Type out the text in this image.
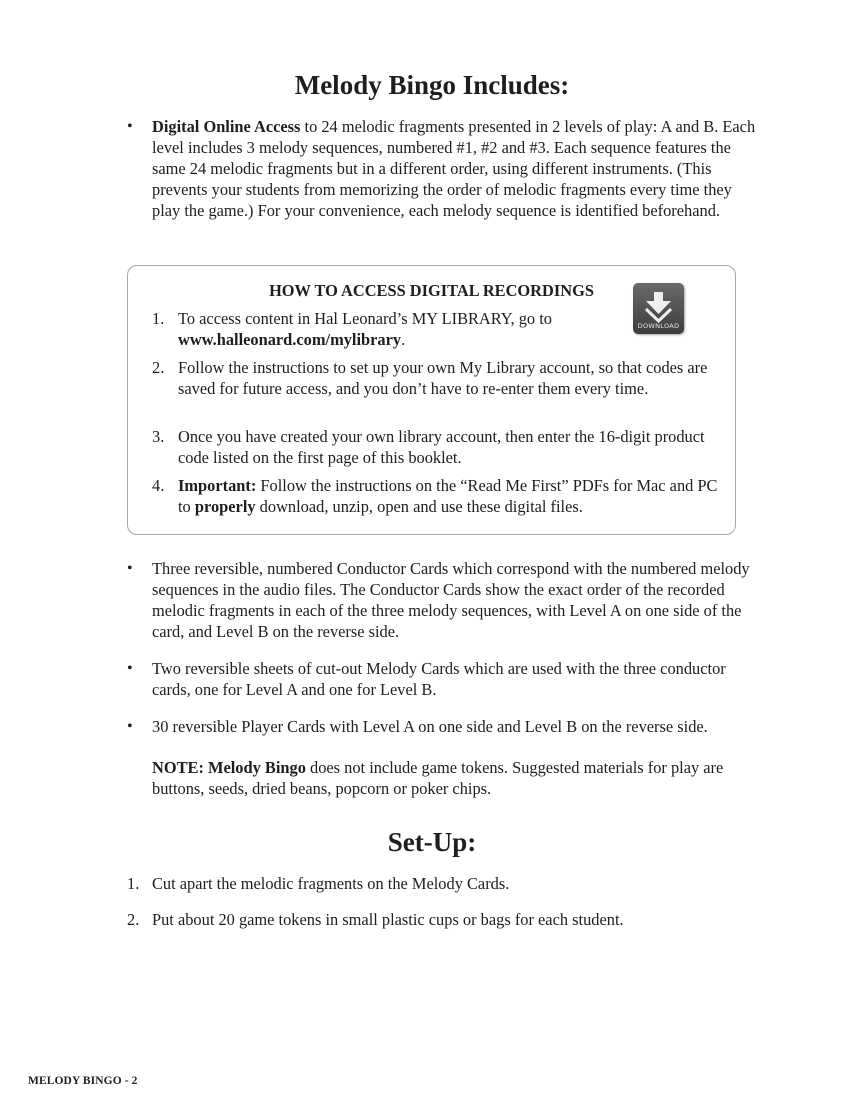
Melody Bingo Includes:
• Digital Online Access to 24 melodic fragments presented in 2 levels of play: A and B. Each level includes 3 melody sequences, numbered #1, #2 and #3. Each sequence features the same 24 melodic fragments but in a different order, using different instruments. (This prevents your students from memorizing the order of melodic fragments every time they play the game.) For your convenience, each melody sequence is identified beforehand.

HOW TO ACCESS DIGITAL RECORDINGS

DOWNLOAD
1. To access content in Hal Leonard’s MY LIBRARY, go to
www.halleonard.com/mylibrary.

2. Follow the instructions to set up your own My Library account, so that codes are saved for future access, and you don’t have to re-enter them every time.

3. Once you have created your own library account, then enter the 16-digit product code listed on the first page of this booklet.

4. Important: Follow the instructions on the “Read Me First” PDFs for Mac and PC to properly download, unzip, open and use these digital files.

• Three reversible, numbered Conductor Cards which correspond with the numbered melody sequences in the audio files. The Conductor Cards show the exact order of the recorded melodic fragments in each of the three melody sequences, with Level A on one side of the card, and Level B on the reverse side.

• Two reversible sheets of cut-out Melody Cards which are used with the three conductor cards, one for Level A and one for Level B.

• 30 reversible Player Cards with Level A on one side and Level B on the reverse side.

NOTE: Melody Bingo does not include game tokens. Suggested materials for play are buttons, seeds, dried beans, popcorn or poker chips.

Set-Up:
1. Cut apart the melodic fragments on the Melody Cards.

2. Put about 20 game tokens in small plastic cups or bags for each student.

MELODY BINGO - 2
